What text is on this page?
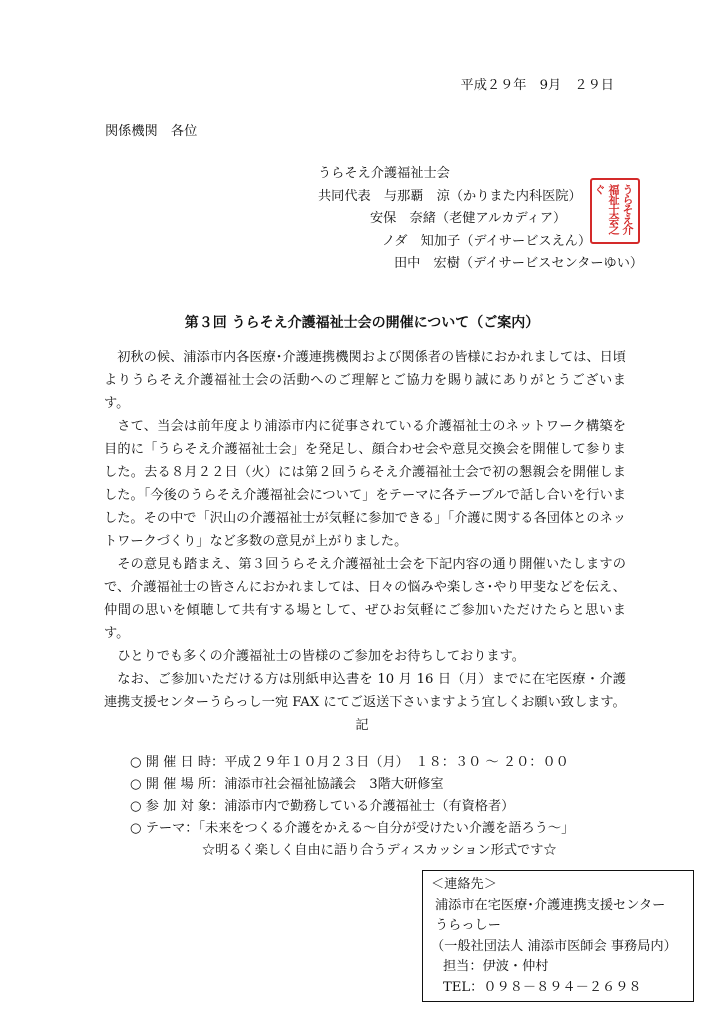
平成２９年　9月　２９日
関係機関　各位
うらそえ介護福祉士会
共同代表　与那覇　涼（かりまた内科医院）
安保　奈緒（老健アルカディア）
ノダ　知加子（デイサービスえん）
田中　宏樹（デイサービスセンターゆい）
うらそえ介
福祉士会之
ぐ
第３回 うらそえ介護福祉士会の開催について（ご案内）

初秋の候、浦添市内各医療･介護連携機関および関係者の皆様におかれましては、日頃よりうらそえ介護福祉士会の活動へのご理解とご協力を賜り誠にありがとうございます。

さて、当会は前年度より浦添市内に従事されている介護福祉士のネットワーク構築を目的に「うらそえ介護福祉士会」を発足し、顔合わせ会や意見交換会を開催して参りました。去る８月２２日（火）には第２回うらそえ介護福祉士会で初の懇親会を開催しました。「今後のうらそえ介護福祉会について」をテーマに各テーブルで話し合いを行いました。その中で「沢山の介護福祉士が気軽に参加できる」「介護に関する各団体とのネットワークづくり」など多数の意見が上がりました。

その意見も踏まえ、第３回うらそえ介護福祉士会を下記内容の通り開催いたしますので、介護福祉士の皆さんにおかれましては、日々の悩みや楽しさ･やり甲斐などを伝え、仲間の思いを傾聴して共有する場として、ぜひお気軽にご参加いただけたらと思います。

ひとりでも多くの介護福祉士の皆様のご参加をお待ちしております。

なお、ご参加いただける方は別紙申込書を 10 月 16 日（月）までに在宅医療・介護連携支援センターうらっし一宛 FAX にてご返送下さいますよう宜しくお願い致します。

記
○ 開 催 日 時：平成２９年１０月２３日（月）　１８：３０ ～ ２０：００
○ 開 催 場 所：浦添市社会福祉協議会　3階大研修室
○ 参 加 対 象：浦添市内で勤務している介護福祉士（有資格者）
○ テーマ：「未来をつくる介護をかえる～自分が受けたい介護を語ろう～」
☆明るく楽しく自由に語り合うディスカッション形式です☆
＜連絡先＞
浦添市在宅医療･介護連携支援センター
うらっしー
（一般社団法人 浦添市医師会 事務局内）
担当：伊波・仲村
TEL：０９８－８９４－２６９８
